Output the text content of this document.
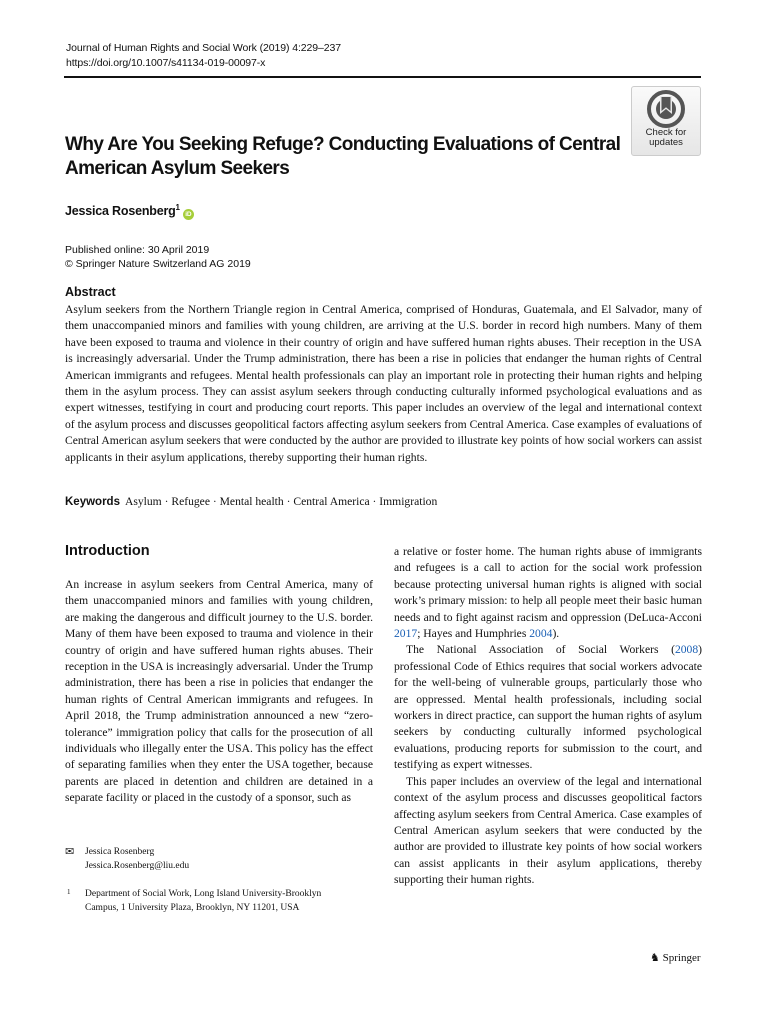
Journal of Human Rights and Social Work (2019) 4:229–237
https://doi.org/10.1007/s41134-019-00097-x
Check for
updates
Why Are You Seeking Refuge? Conducting Evaluations of Central American Asylum Seekers
Jessica Rosenberg$^1$iD
Published online: 30 April 2019
© Springer Nature Switzerland AG 2019
Abstract
Asylum seekers from the Northern Triangle region in Central America, comprised of Honduras, Guatemala, and El Salvador, many of them unaccompanied minors and families with young children, are arriving at the U.S. border in record high numbers. Many of them have been exposed to trauma and violence in their country of origin and have suffered human rights abuses. Their reception in the USA is increasingly adversarial. Under the Trump administration, there has been a rise in policies that endanger the human rights of Central American immigrants and refugees. Mental health professionals can play an important role in protecting their human rights and helping them in the asylum process. They can assist asylum seekers through conducting culturally informed psychological evaluations and as expert witnesses, testifying in court and producing court reports. This paper includes an overview of the legal and international context of the asylum process and discusses geopolitical factors affecting asylum seekers from Central America. Case examples of evaluations of Central American asylum seekers that were conducted by the author are provided to illustrate key points of how social workers can assist applicants in their asylum applications, thereby supporting their human rights.
Keywords Asylum · Refugee · Mental health · Central America · Immigration
Introduction

An increase in asylum seekers from Central America, many of them unaccompanied minors and families with young children, are making the dangerous and difficult journey to the U.S. border. Many of them have been exposed to trauma and violence in their country of origin and have suffered human rights abuses. Their reception in the USA is increasingly adversarial. Under the Trump administration, there has been a rise in policies that endanger the human rights of Central American immigrants and refugees. In April 2018, the Trump administration announced a new “zero-tolerance” immigration policy that calls for the prosecution of all individuals who illegally enter the USA. This policy has the effect of separating families when they enter the USA together, because parents are placed in detention and children are detained in a separate facility or placed in the custody of a sponsor, such as

a relative or foster home. The human rights abuse of immigrants and refugees is a call to action for the social work profession because protecting universal human rights is aligned with social work’s primary mission: to help all people meet their basic human needs and to fight against racism and oppression (DeLuca-Acconi 2017; Hayes and Humphries 2004).

The National Association of Social Workers (2008) professional Code of Ethics requires that social workers advocate for the well-being of vulnerable groups, particularly those who are oppressed. Mental health professionals, including social workers in direct practice, can support the human rights of asylum seekers by conducting culturally informed psychological evaluations, producing reports for submission to the court, and testifying as expert witnesses.

This paper includes an overview of the legal and international context of the asylum process and discusses geopolitical factors affecting asylum seekers from Central America. Case examples of Central American asylum seekers that were conducted by the author are provided to illustrate key points of how social workers can assist applicants in their asylum applications, thereby supporting their human rights.

✉ Jessica Rosenberg
Jessica.Rosenberg@liu.edu
1 Department of Social Work, Long Island University-Brooklyn
Campus, 1 University Plaza, Brooklyn, NY 11201, USA
♞ Springer
